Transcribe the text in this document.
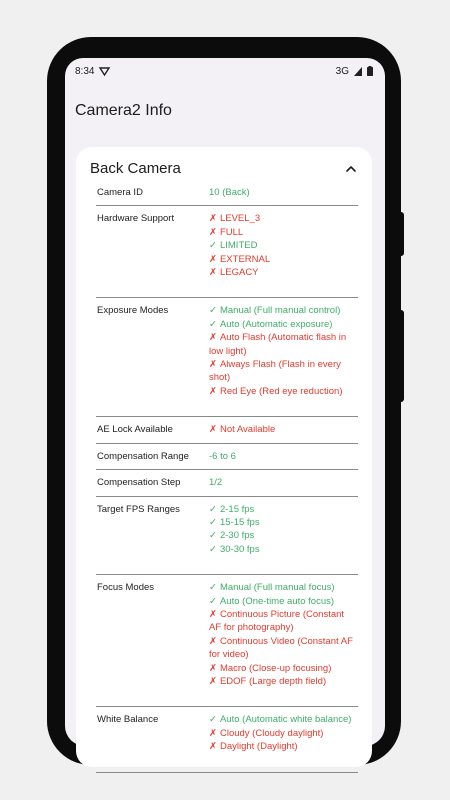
8:34	3G
Camera2 Info
Back Camera
Camera ID	10 (Back)
Hardware Support	✗ LEVEL_3
✗ FULL
✓ LIMITED
✗ EXTERNAL
✗ LEGACY
Exposure Modes	✓ Manual (Full manual control)
✓ Auto (Automatic exposure)
✗ Auto Flash (Automatic flash in low light)
✗ Always Flash (Flash in every shot)
✗ Red Eye (Red eye reduction)
AE Lock Available	✗ Not Available
Compensation Range	-6 to 6
Compensation Step	1/2
Target FPS Ranges	✓ 2-15 fps
✓ 15-15 fps
✓ 2-30 fps
✓ 30-30 fps
Focus Modes	✓ Manual (Full manual focus)
✓ Auto (One-time auto focus)
✗ Continuous Picture (Constant AF for photography)
✗ Continuous Video (Constant AF for video)
✗ Macro (Close-up focusing)
✗ EDOF (Large depth field)
White Balance	✓ Auto (Automatic white balance)
✗ Cloudy (Cloudy daylight)
✗ Daylight (Daylight)
